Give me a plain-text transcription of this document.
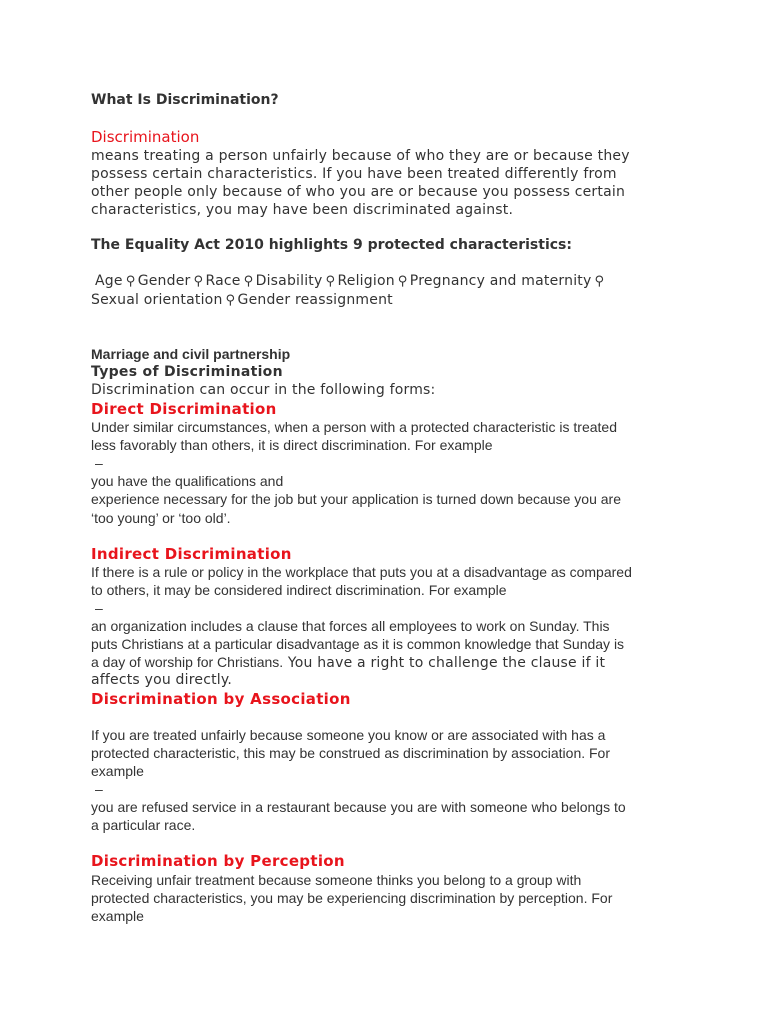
What Is Discrimination?
Discrimination
means treating a person unfairly because of who they are or because they
possess certain characteristics. If you have been treated differently from
other people only because of who you are or because you possess certain
characteristics, you may have been discriminated against.
The Equality Act 2010 highlights 9 protected characteristics:
Age ⚲ Gender ⚲ Race ⚲ Disability ⚲ Religion ⚲ Pregnancy and maternity ⚲
Sexual orientation ⚲ Gender reassignment
Marriage and civil partnership
Types of Discrimination
Discrimination can occur in the following forms:
Direct Discrimination
Under similar circumstances, when a person with a protected characteristic is treated
less favorably than others, it is direct discrimination. For example
–
you have the qualifications and
experience necessary for the job but your application is turned down because you are
‘too young’ or ‘too old’.
Indirect Discrimination
If there is a rule or policy in the workplace that puts you at a disadvantage as compared
to others, it may be considered indirect discrimination. For example
–
an organization includes a clause that forces all employees to work on Sunday. This
puts Christians at a particular disadvantage as it is common knowledge that Sunday is
a day of worship for Christians. You have a right to challenge the clause if it
affects you directly.
Discrimination by Association
If you are treated unfairly because someone you know or are associated with has a
protected characteristic, this may be construed as discrimination by association. For
example
–
you are refused service in a restaurant because you are with someone who belongs to
a particular race.
Discrimination by Perception
Receiving unfair treatment because someone thinks you belong to a group with
protected characteristics, you may be experiencing discrimination by perception. For
example
